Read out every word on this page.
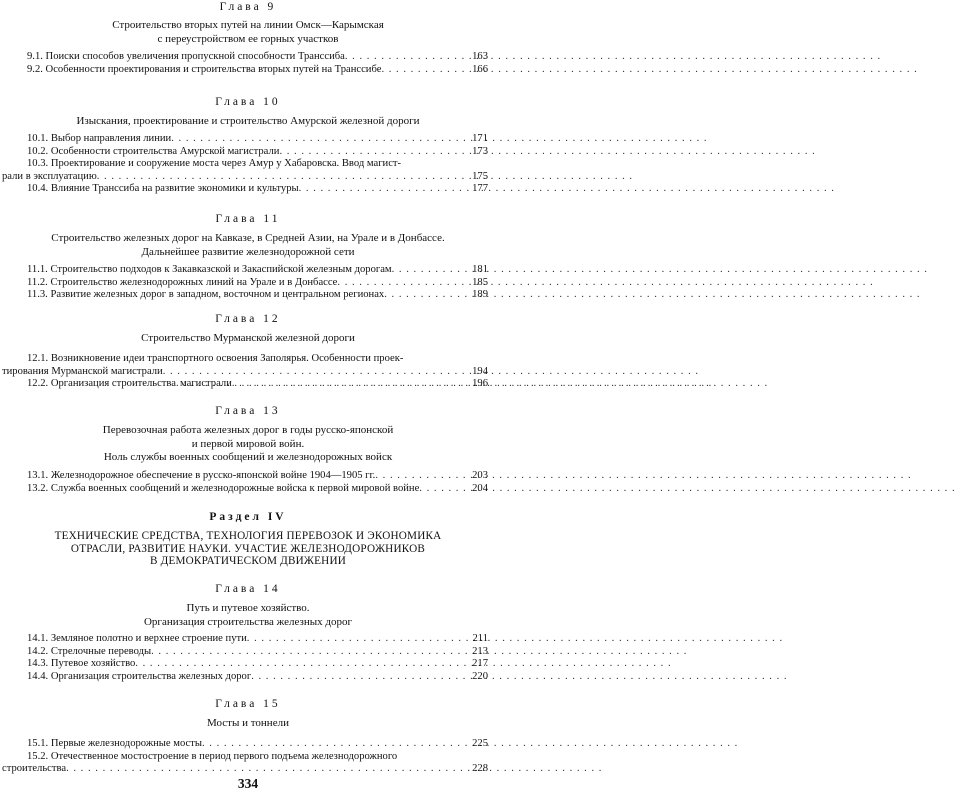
Глава 9
Строительство вторых путей на линии Омск—Карымская
с переустройством ее горных участков
9.1. Поиски способов увеличения пропускной способности Транссиба . . .	163
9.2. Особенности проектирования и строительства вторых путей на Транссибе . . .	166
Глава 10
Изыскания, проектирование и строительство Амурской железной дороги
10.1. Выбор направления линии . . .	171
10.2. Особенности строительства Амурской магистрали . . .	173
10.3. Проектирование и сооружение моста через Амур у Хабаровска. Ввод магист-
рали в эксплуатацию . . .	175
10.4. Влияние Транссиба на развитие экономики и культуры . . .	177
Глава 11
Строительство железных дорог на Кавказе, в Средней Азии, на Урале и в Донбассе.
Дальнейшее развитие железнодорожной сети
11.1. Строительство подходов к Закавказской и Закаспийской железным дорогам . . .	181
11.2. Строительство железнодорожных линий на Урале и в Донбассе . . .	185
11.3. Развитие железных дорог в западном, восточном и центральном регионах . . .	189
Глава 12
Строительство Мурманской железной дороги
12.1. Возникновение идеи транспортного освоения Заполярья. Особенности проек-
тирования Мурманской магистрали . . .	194
12.2. Организация строительства . . . магистрали . . .	196
Глава 13
Перевозочная работа железных дорог в годы русско-японской
и первой мировой войн.
Ноль службы военных сообщений и железнодорожных войск
13.1. Железнодорожное обеспечение в русско-японской войне 1904—1905 гг. . . .	203
13.2. Служба военных сообщений и железнодорожные войска к первой мировой войне . . .	204
Раздел IV
ТЕХНИЧЕСКИЕ СРЕДСТВА, ТЕХНОЛОГИЯ ПЕРЕВОЗОК И ЭКОНОМИКА
ОТРАСЛИ, РАЗВИТИЕ НАУКИ. УЧАСТИЕ ЖЕЛЕЗНОДОРОЖНИКОВ
В ДЕМОКРАТИЧЕСКОМ ДВИЖЕНИИ
Глава 14
Путь и путевое хозяйство.
Организация строительства железных дорог
14.1. Земляное полотно и верхнее строение пути . . .	211
14.2. Стрелочные переводы . . .	213
14.3. Путевое хозяйство . . .	217
14.4. Организация строительства железных дорог . . .	220
Глава 15
Мосты и тоннели
15.1. Первые железнодорожные мосты . . .	225
15.2. Отечественное мостостроение в период первого подъема железнодорожного
строительства . . .	228
334
